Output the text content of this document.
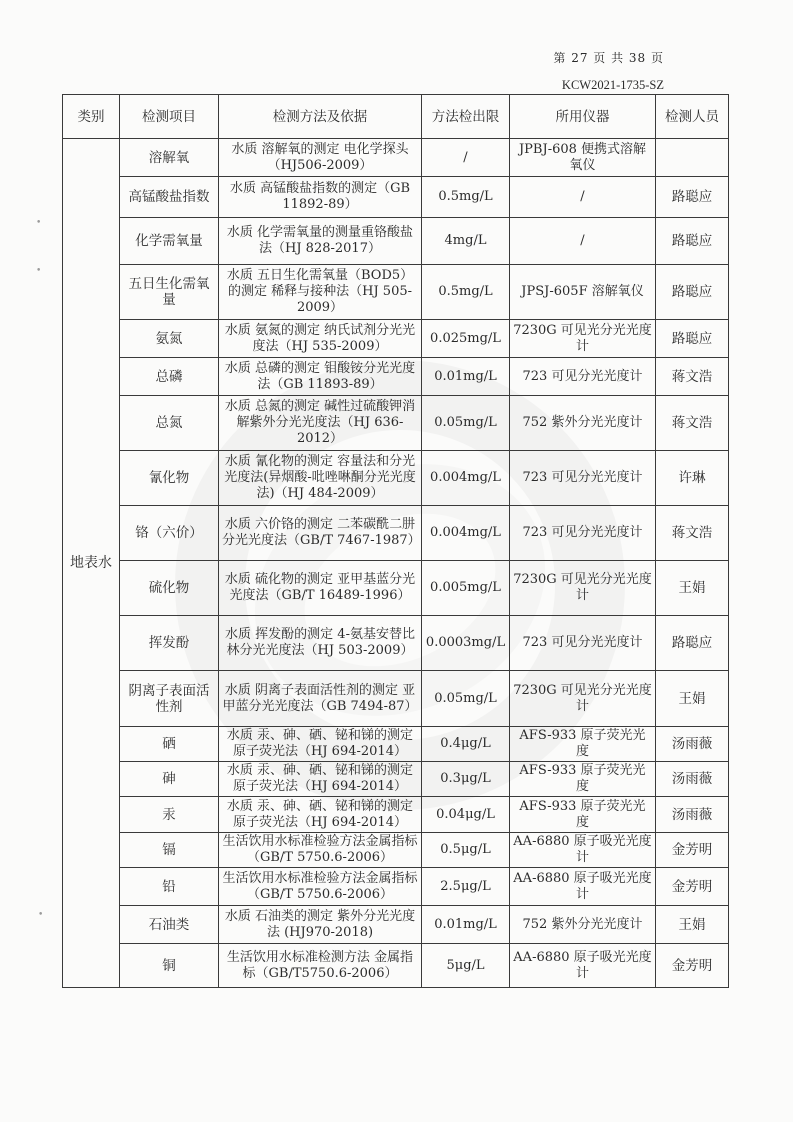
•
•
•
第 27 页 共 38 页
KCW2021-1735-SZ
类别	检测项目	检测方法及依据	方法检出限	所用仪器	检测人员
地表水	溶解氧	水质 溶解氧的测定 电化学探头（HJ506-2009）	/	JPBJ-608 便携式溶解氧仪	
	高锰酸盐指数	水质 高锰酸盐指数的测定（GB 11892-89）	0.5mg/L	/	路聪应
	化学需氧量	水质 化学需氧量的测量重铬酸盐法（HJ 828-2017）	4mg/L	/	路聪应
	五日生化需氧量	水质 五日生化需氧量（BOD5）的测定 稀释与接种法（HJ 505-2009）	0.5mg/L	JPSJ-605F 溶解氧仪	路聪应
	氨氮	水质 氨氮的测定 纳氏试剂分光光度法（HJ 535-2009）	0.025mg/L	7230G 可见光分光光度计	路聪应
	总磷	水质 总磷的测定 钼酸铵分光光度法（GB 11893-89）	0.01mg/L	723 可见分光光度计	蒋文浩
	总氮	水质 总氮的测定 碱性过硫酸钾消解紫外分光光度法（HJ 636-2012）	0.05mg/L	752 紫外分光光度计	蒋文浩
	氰化物	水质 氰化物的测定 容量法和分光光度法(异烟酸-吡唑啉酮分光光度法)（HJ 484-2009）	0.004mg/L	723 可见分光光度计	许琳
	铬（六价）	水质 六价铬的测定 二苯碳酰二肼分光光度法（GB/T 7467-1987）	0.004mg/L	723 可见分光光度计	蒋文浩
	硫化物	水质 硫化物的测定 亚甲基蓝分光光度法（GB/T 16489-1996）	0.005mg/L	7230G 可见光分光光度计	王娟
	挥发酚	水质 挥发酚的测定 4-氨基安替比林分光光度法（HJ 503-2009）	0.0003mg/L	723 可见分光光度计	路聪应
	阴离子表面活性剂	水质 阴离子表面活性剂的测定 亚甲蓝分光光度法（GB 7494-87）	0.05mg/L	7230G 可见光分光光度计	王娟
	硒	水质 汞、砷、硒、铋和锑的测定 原子荧光法（HJ 694-2014）	0.4μg/L	AFS-933 原子荧光光度	汤雨薇
	砷	水质 汞、砷、硒、铋和锑的测定 原子荧光法（HJ 694-2014）	0.3μg/L	AFS-933 原子荧光光度	汤雨薇
	汞	水质 汞、砷、硒、铋和锑的测定 原子荧光法（HJ 694-2014）	0.04μg/L	AFS-933 原子荧光光度	汤雨薇
	镉	生活饮用水标准检验方法金属指标（GB/T 5750.6-2006）	0.5μg/L	AA-6880 原子吸光光度计	金芳明
	铅	生活饮用水标准检验方法金属指标（GB/T 5750.6-2006）	2.5μg/L	AA-6880 原子吸光光度计	金芳明
	石油类	水质 石油类的测定 紫外分光光度法 (HJ970-2018)	0.01mg/L	752 紫外分光光度计	王娟
	铜	生活饮用水标准检测方法 金属指标（GB/T5750.6-2006）	5μg/L	AA-6880 原子吸光光度计	金芳明
